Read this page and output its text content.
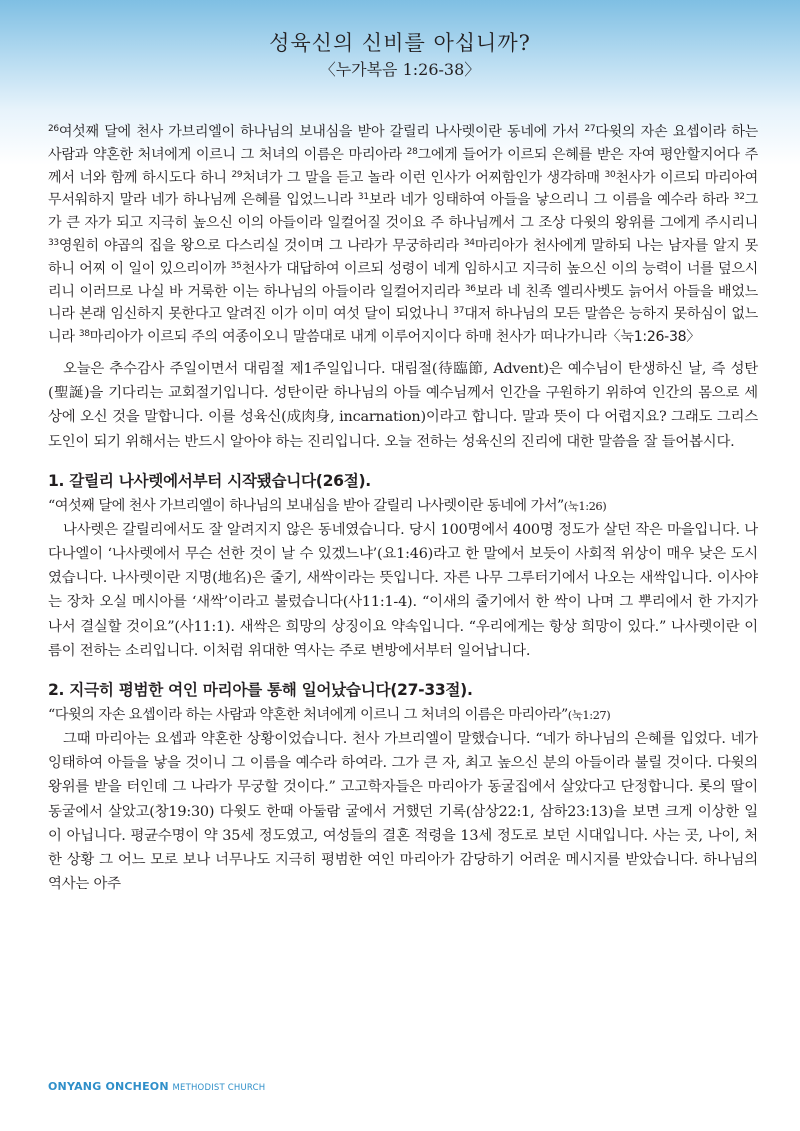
성육신의 신비를 아십니까?
〈누가복음 1:26-38〉
$^{26}$여섯째 달에 천사 가브리엘이 하나님의 보내심을 받아 갈릴리 나사렛이란 동네에 가서 $^{27}$다윗의 자손 요셉이라 하는 사람과 약혼한 처녀에게 이르니 그 처녀의 이름은 마리아라 $^{28}$그에게 들어가 이르되 은혜를 받은 자여 평안할지어다 주께서 너와 함께 하시도다 하니 $^{29}$처녀가 그 말을 듣고 놀라 이런 인사가 어찌함인가 생각하매 $^{30}$천사가 이르되 마리아여 무서워하지 말라 네가 하나님께 은혜를 입었느니라 $^{31}$보라 네가 잉태하여 아들을 낳으리니 그 이름을 예수라 하라 $^{32}$그가 큰 자가 되고 지극히 높으신 이의 아들이라 일컬어질 것이요 주 하나님께서 그 조상 다윗의 왕위를 그에게 주시리니 $^{33}$영원히 야곱의 집을 왕으로 다스리실 것이며 그 나라가 무궁하리라 $^{34}$마리아가 천사에게 말하되 나는 남자를 알지 못하니 어찌 이 일이 있으리이까 $^{35}$천사가 대답하여 이르되 성령이 네게 임하시고 지극히 높으신 이의 능력이 너를 덮으시리니 이러므로 나실 바 거룩한 이는 하나님의 아들이라 일컬어지리라 $^{36}$보라 네 친족 엘리사벳도 늙어서 아들을 배었느니라 본래 임신하지 못한다고 알려진 이가 이미 여섯 달이 되었나니 $^{37}$대저 하나님의 모든 말씀은 능하지 못하심이 없느니라 $^{38}$마리아가 이르되 주의 여종이오니 말씀대로 내게 이루어지이다 하매 천사가 떠나가니라〈눅1:26-38〉

오늘은 추수감사 주일이면서 대림절 제1주일입니다. 대림절(待臨節, Advent)은 예수님이 탄생하신 날, 즉 성탄(聖誕)을 기다리는 교회절기입니다. 성탄이란 하나님의 아들 예수님께서 인간을 구원하기 위하여 인간의 몸으로 세상에 오신 것을 말합니다. 이를 성육신(成肉身, incarnation)이라고 합니다. 말과 뜻이 다 어렵지요? 그래도 그리스도인이 되기 위해서는 반드시 알아야 하는 진리입니다. 오늘 전하는 성육신의 진리에 대한 말씀을 잘 들어봅시다.

1. 갈릴리 나사렛에서부터 시작됐습니다(26절).

“여섯째 달에 천사 가브리엘이 하나님의 보내심을 받아 갈릴리 나사렛이란 동네에 가서”(눅1:26)

나사렛은 갈릴리에서도 잘 알려지지 않은 동네였습니다. 당시 100명에서 400명 정도가 살던 작은 마을입니다. 나다나엘이 ‘나사렛에서 무슨 선한 것이 날 수 있겠느냐’(요1:46)라고 한 말에서 보듯이 사회적 위상이 매우 낮은 도시였습니다. 나사렛이란 지명(地名)은 줄기, 새싹이라는 뜻입니다. 자른 나무 그루터기에서 나오는 새싹입니다. 이사야는 장차 오실 메시아를 ‘새싹’이라고 불렀습니다(사11:1-4). “이새의 줄기에서 한 싹이 나며 그 뿌리에서 한 가지가 나서 결실할 것이요”(사11:1). 새싹은 희망의 상징이요 약속입니다. “우리에게는 항상 희망이 있다.” 나사렛이란 이름이 전하는 소리입니다. 이처럼 위대한 역사는 주로 변방에서부터 일어납니다.

2. 지극히 평범한 여인 마리아를 통해 일어났습니다(27-33절).

“다윗의 자손 요셉이라 하는 사람과 약혼한 처녀에게 이르니 그 처녀의 이름은 마리아라”(눅1:27)

그때 마리아는 요셉과 약혼한 상황이었습니다. 천사 가브리엘이 말했습니다. “네가 하나님의 은혜를 입었다. 네가 잉태하여 아들을 낳을 것이니 그 이름을 예수라 하여라. 그가 큰 자, 최고 높으신 분의 아들이라 불릴 것이다. 다윗의 왕위를 받을 터인데 그 나라가 무궁할 것이다.” 고고학자들은 마리아가 동굴집에서 살았다고 단정합니다. 롯의 딸이 동굴에서 살았고(창19:30) 다윗도 한때 아둘람 굴에서 거했던 기록(삼상22:1, 삼하23:13)을 보면 크게 이상한 일이 아닙니다. 평균수명이 약 35세 정도였고, 여성들의 결혼 적령을 13세 정도로 보던 시대입니다. 사는 곳, 나이, 처한 상황 그 어느 모로 보나 너무나도 지극히 평범한 여인 마리아가 감당하기 어려운 메시지를 받았습니다. 하나님의 역사는 아주

ONYANG ONCHEON METHODIST CHURCH
